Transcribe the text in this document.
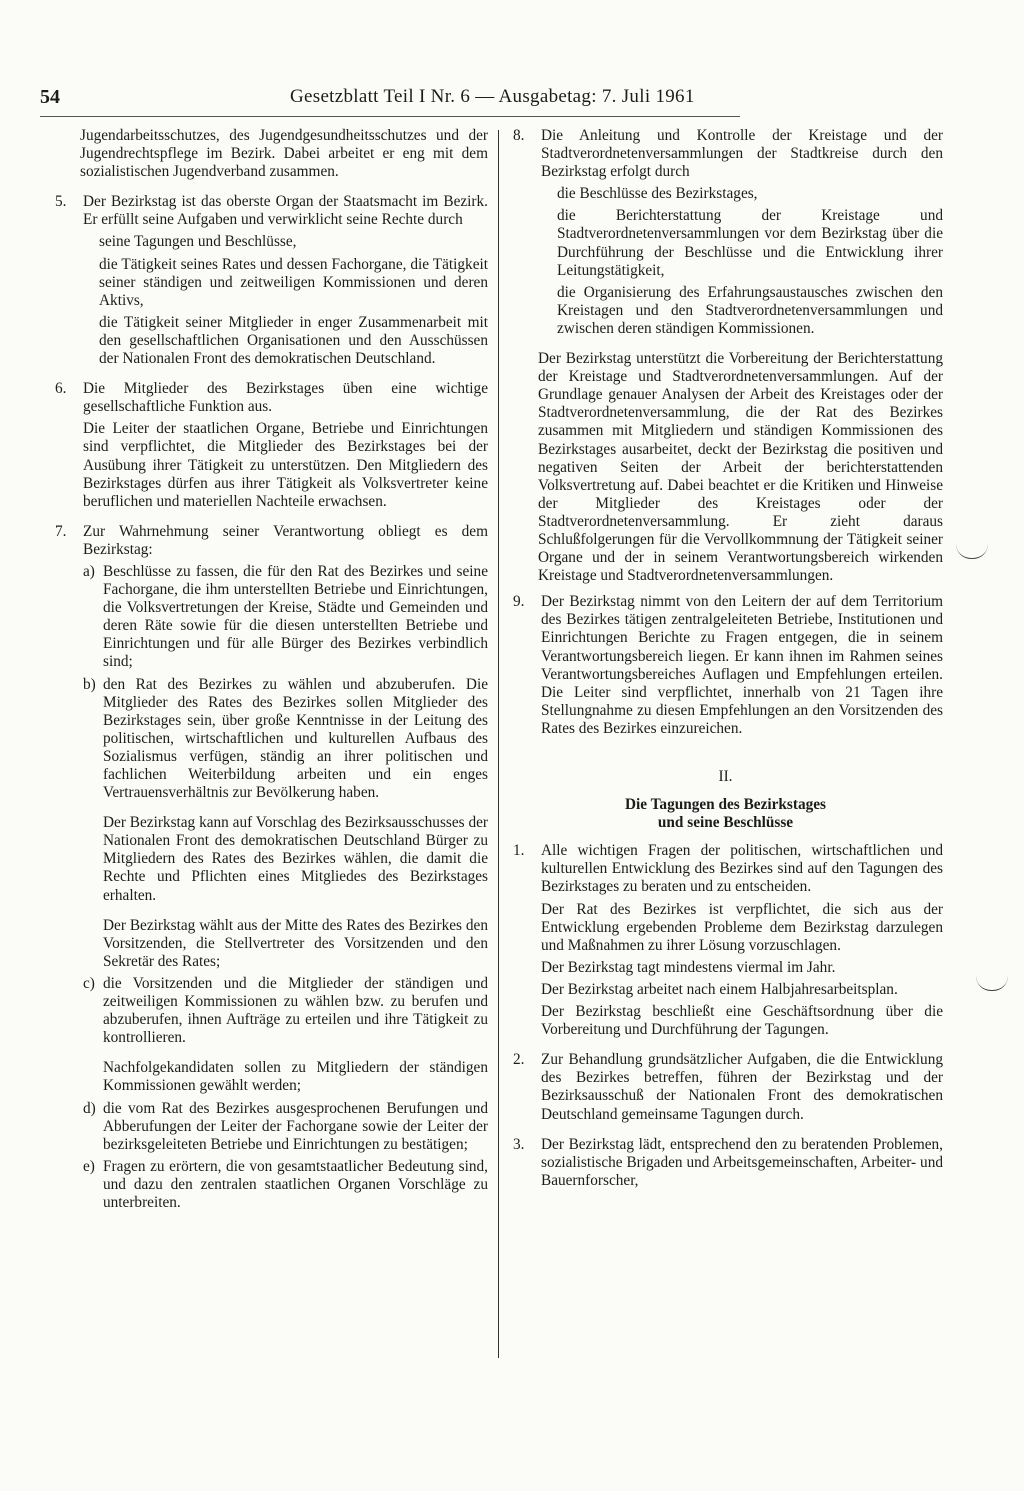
54	Gesetzblatt Teil I Nr. 6 — Ausgabetag: 7. Juli 1961

Jugendarbeitsschutzes, des Jugendgesundheitsschutzes und der Jugendrechtspflege im Bezirk. Dabei arbeitet er eng mit dem sozialistischen Jugendverband zusammen.

5. Der Bezirkstag ist das oberste Organ der Staatsmacht im Bezirk. Er erfüllt seine Aufgaben und verwirklicht seine Rechte durch

seine Tagungen und Beschlüsse,

die Tätigkeit seines Rates und dessen Fachorgane, die Tätigkeit seiner ständigen und zeitweiligen Kommissionen und deren Aktivs,

die Tätigkeit seiner Mitglieder in enger Zusammenarbeit mit den gesellschaftlichen Organisationen und den Ausschüssen der Nationalen Front des demokratischen Deutschland.

6. Die Mitglieder des Bezirkstages üben eine wichtige gesellschaftliche Funktion aus.

Die Leiter der staatlichen Organe, Betriebe und Einrichtungen sind verpflichtet, die Mitglieder des Bezirkstages bei der Ausübung ihrer Tätigkeit zu unterstützen. Den Mitgliedern des Bezirkstages dürfen aus ihrer Tätigkeit als Volksvertreter keine beruflichen und materiellen Nachteile erwachsen.

7. Zur Wahrnehmung seiner Verantwortung obliegt es dem Bezirkstag:

a) Beschlüsse zu fassen, die für den Rat des Bezirkes und seine Fachorgane, die ihm unterstellten Betriebe und Einrichtungen, die Volksvertretungen der Kreise, Städte und Gemeinden und deren Räte sowie für die diesen unterstellten Betriebe und Einrichtungen und für alle Bürger des Bezirkes verbindlich sind;

b) den Rat des Bezirkes zu wählen und abzuberufen. Die Mitglieder des Rates des Bezirkes sollen Mitglieder des Bezirkstages sein, über große Kenntnisse in der Leitung des politischen, wirtschaftlichen und kulturellen Aufbaus des Sozialismus verfügen, ständig an ihrer politischen und fachlichen Weiterbildung arbeiten und ein enges Vertrauensverhältnis zur Bevölkerung haben.

Der Bezirkstag kann auf Vorschlag des Bezirksausschusses der Nationalen Front des demokratischen Deutschland Bürger zu Mitgliedern des Rates des Bezirkes wählen, die damit die Rechte und Pflichten eines Mitgliedes des Bezirkstages erhalten.

Der Bezirkstag wählt aus der Mitte des Rates des Bezirkes den Vorsitzenden, die Stellvertreter des Vorsitzenden und den Sekretär des Rates;

c) die Vorsitzenden und die Mitglieder der ständigen und zeitweiligen Kommissionen zu wählen bzw. zu berufen und abzuberufen, ihnen Aufträge zu erteilen und ihre Tätigkeit zu kontrollieren.

Nachfolgekandidaten sollen zu Mitgliedern der ständigen Kommissionen gewählt werden;

d) die vom Rat des Bezirkes ausgesprochenen Berufungen und Abberufungen der Leiter der Fachorgane sowie der Leiter der bezirksgeleiteten Betriebe und Einrichtungen zu bestätigen;

e) Fragen zu erörtern, die von gesamtstaatlicher Bedeutung sind, und dazu den zentralen staatlichen Organen Vorschläge zu unterbreiten.

8. Die Anleitung und Kontrolle der Kreistage und der Stadtverordnetenversammlungen der Stadtkreise durch den Bezirkstag erfolgt durch

die Beschlüsse des Bezirkstages,

die Berichterstattung der Kreistage und Stadtverordnetenversammlungen vor dem Bezirkstag über die Durchführung der Beschlüsse und die Entwicklung ihrer Leitungstätigkeit,

die Organisierung des Erfahrungsaustausches zwischen den Kreistagen und den Stadtverordnetenversammlungen und zwischen deren ständigen Kommissionen.

Der Bezirkstag unterstützt die Vorbereitung der Berichterstattung der Kreistage und Stadtverordnetenversammlungen. Auf der Grundlage genauer Analysen der Arbeit des Kreistages oder der Stadtverordnetenversammlung, die der Rat des Bezirkes zusammen mit Mitgliedern und ständigen Kommissionen des Bezirkstages ausarbeitet, deckt der Bezirkstag die positiven und negativen Seiten der Arbeit der berichterstattenden Volksvertretung auf. Dabei beachtet er die Kritiken und Hinweise der Mitglieder des Kreistages oder der Stadtverordnetenversammlung. Er zieht daraus Schlußfolgerungen für die Vervollkommnung der Tätigkeit seiner Organe und der in seinem Verantwortungsbereich wirkenden Kreistage und Stadtverordnetenversammlungen.

9. Der Bezirkstag nimmt von den Leitern der auf dem Territorium des Bezirkes tätigen zentralgeleiteten Betriebe, Institutionen und Einrichtungen Berichte zu Fragen entgegen, die in seinem Verantwortungsbereich liegen. Er kann ihnen im Rahmen seines Verantwortungsbereiches Auflagen und Empfehlungen erteilen. Die Leiter sind verpflichtet, innerhalb von 21 Tagen ihre Stellungnahme zu diesen Empfehlungen an den Vorsitzenden des Rates des Bezirkes einzureichen.

II.
Die Tagungen des Bezirkstages
und seine Beschlüsse
1. Alle wichtigen Fragen der politischen, wirtschaftlichen und kulturellen Entwicklung des Bezirkes sind auf den Tagungen des Bezirkstages zu beraten und zu entscheiden.

Der Rat des Bezirkes ist verpflichtet, die sich aus der Entwicklung ergebenden Probleme dem Bezirkstag darzulegen und Maßnahmen zu ihrer Lösung vorzuschlagen.

Der Bezirkstag tagt mindestens viermal im Jahr.

Der Bezirkstag arbeitet nach einem Halbjahresarbeitsplan.

Der Bezirkstag beschließt eine Geschäftsordnung über die Vorbereitung und Durchführung der Tagungen.

2. Zur Behandlung grundsätzlicher Aufgaben, die die Entwicklung des Bezirkes betreffen, führen der Bezirkstag und der Bezirksausschuß der Nationalen Front des demokratischen Deutschland gemeinsame Tagungen durch.

3. Der Bezirkstag lädt, entsprechend den zu beratenden Problemen, sozialistische Brigaden und Arbeitsgemeinschaften, Arbeiter- und Bauernforscher,
